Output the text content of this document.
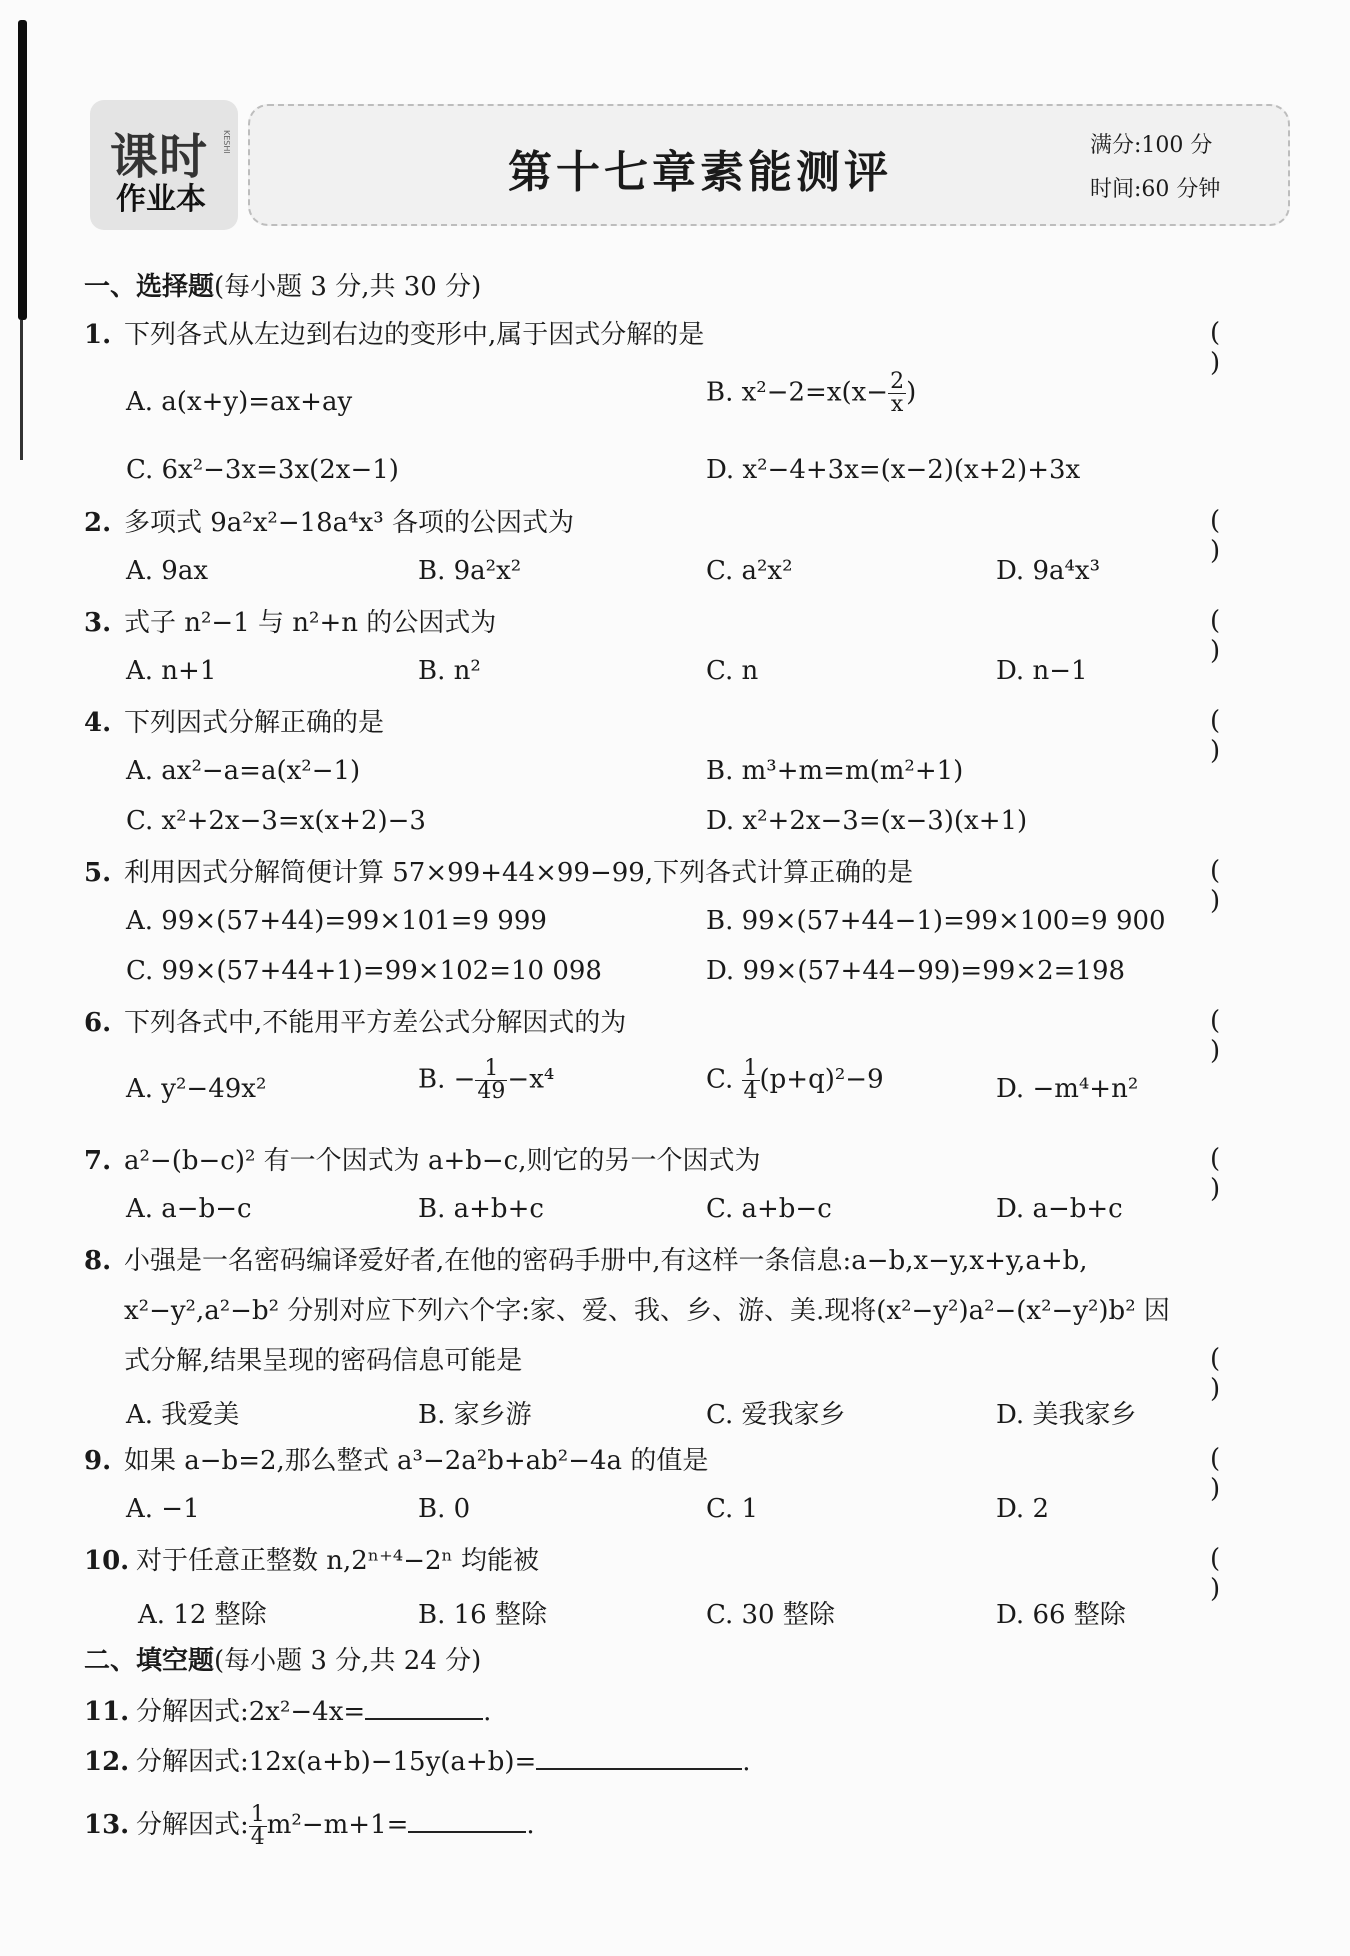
课时 KESHI
作业本
第十七章素能测评
满分:100 分
时间:60 分钟
一、选择题(每小题 3 分,共 30 分)
1. 下列各式从左边到右边的变形中,属于因式分解的是	( )
A. a(x+y)=ax+ay	B. $x^2-2=x(x- \frac{2}{x}$ )
C. 6x²−3x=3x(2x−1)	D. x²−4+3x=(x−2)(x+2)+3x
2. 多项式 9a²x²−18a⁴x³ 各项的公因式为	( )
A. 9ax	B. 9a²x²	C. a²x²	D. 9a⁴x³
3. 式子 n²−1 与 n²+n 的公因式为	( )
A. n+1	B. n²	C. n	D. n−1
4. 下列因式分解正确的是	( )
A. ax²−a=a(x²−1)	B. m³+m=m(m²+1)
C. x²+2x−3=x(x+2)−3	D. x²+2x−3=(x−3)(x+1)
5. 利用因式分解简便计算 57×99+44×99−99,下列各式计算正确的是	( )
A. 99×(57+44)=99×101=9 999	B. 99×(57+44−1)=99×100=9 900
C. 99×(57+44+1)=99×102=10 098	D. 99×(57+44−99)=99×2=198
6. 下列各式中,不能用平方差公式分解因式的为	( )
A. y²−49x²	B. − $\frac{1}{49} -x^4$	C. $\frac{1}{4} (p+q)^2-9$	D. −m⁴+n²
7. a²−(b−c)² 有一个因式为 a+b−c,则它的另一个因式为	( )
A. a−b−c	B. a+b+c	C. a+b−c	D. a−b+c
8. 小强是一名密码编译爱好者,在他的密码手册中,有这样一条信息:a−b,x−y,x+y,a+b,
x²−y²,a²−b² 分别对应下列六个字:家、爱、我、乡、游、美.现将(x²−y²)a²−(x²−y²)b² 因
式分解,结果呈现的密码信息可能是	( )
A. 我爱美	B. 家乡游	C. 爱我家乡	D. 美我家乡
9. 如果 a−b=2,那么整式 a³−2a²b+ab²−4a 的值是	( )
A. −1	B. 0	C. 1	D. 2
10. 对于任意正整数 n,2ⁿ⁺⁴−2ⁿ 均能被	( )
A. 12 整除	B. 16 整除	C. 30 整除	D. 66 整除
二、填空题(每小题 3 分,共 24 分)
11. 分解因式:2x²−4x=	.
12. 分解因式:12x(a+b)−15y(a+b)=	.
13. 分解因式: $\frac{1}{4} m^2-m+1=$	.
